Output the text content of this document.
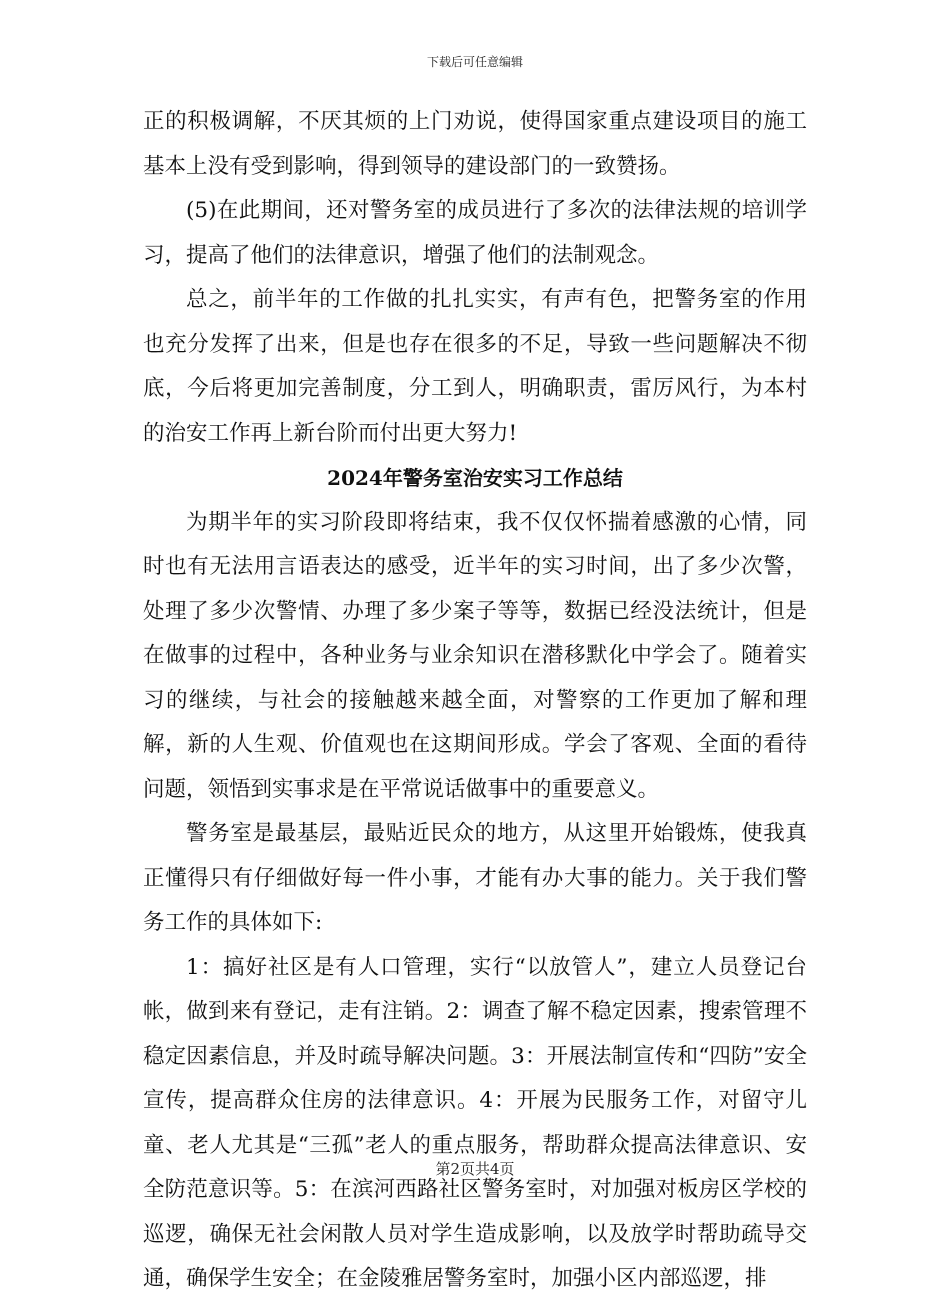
下载后可任意编辑

正的积极调解，不厌其烦的上门劝说，使得国家重点建设项目的施工基本上没有受到影响，得到领导的建设部门的一致赞扬。

(5)在此期间，还对警务室的成员进行了多次的法律法规的培训学习，提高了他们的法律意识，增强了他们的法制观念。

总之，前半年的工作做的扎扎实实，有声有色，把警务室的作用也充分发挥了出来，但是也存在很多的不足，导致一些问题解决不彻底，今后将更加完善制度，分工到人，明确职责，雷厉风行，为本村的治安工作再上新台阶而付出更大努力!

2024年警务室治安实习工作总结

为期半年的实习阶段即将结束，我不仅仅怀揣着感激的心情，同时也有无法用言语表达的感受，近半年的实习时间，出了多少次警，处理了多少次警情、办理了多少案子等等，数据已经没法统计，但是在做事的过程中，各种业务与业余知识在潜移默化中学会了。随着实习的继续，与社会的接触越来越全面，对警察的工作更加了解和理解，新的人生观、价值观也在这期间形成。学会了客观、全面的看待问题，领悟到实事求是在平常说话做事中的重要意义。

警务室是最基层，最贴近民众的地方，从这里开始锻炼，使我真正懂得只有仔细做好每一件小事，才能有办大事的能力。关于我们警务工作的具体如下:

1：搞好社区是有人口管理，实行“以放管人”，建立人员登记台帐，做到来有登记，走有注销。2：调查了解不稳定因素，搜索管理不稳定因素信息，并及时疏导解决问题。3：开展法制宣传和“四防”安全宣传，提高群众住房的法律意识。4：开展为民服务工作，对留守儿童、老人尤其是“三孤”老人的重点服务，帮助群众提高法律意识、安全防范意识等。5：在滨河西路社区警务室时，对加强对板房区学校的巡逻，确保无社会闲散人员对学生造成影响，以及放学时帮助疏导交通，确保学生安全；在金陵雅居警务室时，加强小区内部巡逻，排

第2页共4页
